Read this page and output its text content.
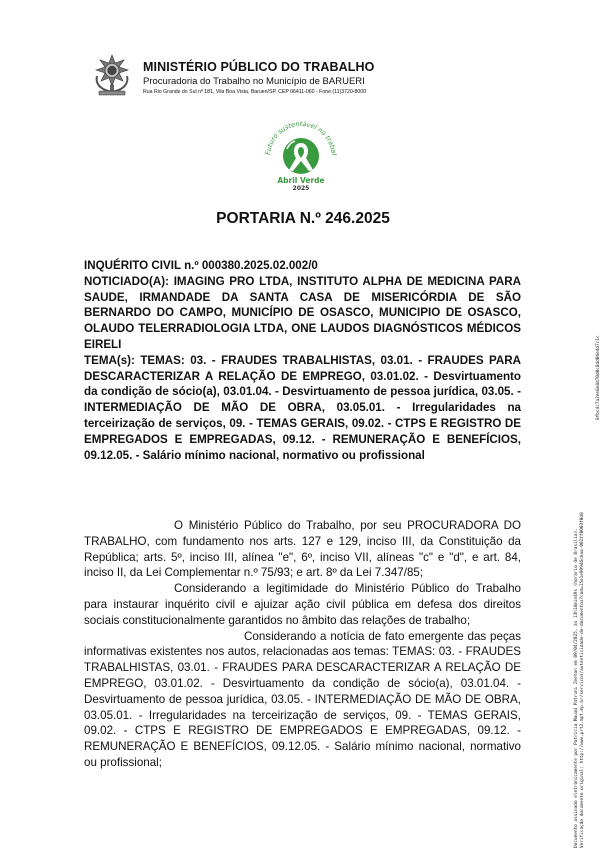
MINISTÉRIO PÚBLICO DO TRABALHO
Procuradoria do Trabalho no Município de BARUERI
Rua Rio Grande do Sul nº 181, Vila Boa Vista, Barueri/SP, CEP 06411-060 - Fone (11)3720-8000
Futuro sustentável no trabal
Abril Verde
2025
PORTARIA N.º 246.2025

INQUÉRITO CIVIL n.º 000380.2025.02.002/0

NOTICIADO(A): IMAGING PRO LTDA, INSTITUTO ALPHA DE MEDICINA PARA SAUDE, IRMANDADE DA SANTA CASA DE MISERICÓRDIA DE SÃO BERNARDO DO CAMPO, MUNICÍPIO DE OSASCO, MUNICIPIO DE OSASCO, OLAUDO TELERRADIOLOGIA LTDA, ONE LAUDOS DIAGNÓSTICOS MÉDICOS EIRELI

TEMA(s): TEMAS: 03. - FRAUDES TRABALHISTAS, 03.01. - FRAUDES PARA DESCARACTERIZAR A RELAÇÃO DE EMPREGO, 03.01.02. - Desvirtuamento da condição de sócio(a), 03.01.04. - Desvirtuamento de pessoa jurídica, 03.05. - INTERMEDIAÇÃO DE MÃO DE OBRA, 03.05.01. - Irregularidades na terceirização de serviços, 09. - TEMAS GERAIS, 09.02. - CTPS E REGISTRO DE EMPREGADOS E EMPREGADAS, 09.12. - REMUNERAÇÃO E BENEFÍCIOS, 09.12.05. - Salário mínimo nacional, normativo ou profissional

O Ministério Público do Trabalho, por seu PROCURADORA DO TRABALHO, com fundamento nos arts. 127 e 129, inciso III, da Constituição da República; arts. 5º, inciso III, alínea "e", 6º, inciso VII, alíneas "c" e "d", e art. 84, inciso II, da Lei Complementar n.º 75/93; e art. 8º da Lei 7.347/85;

Considerando a legitimidade do Ministério Público do Trabalho para instaurar inquérito civil e ajuizar ação civil pública em defesa dos direitos sociais constitucionalmente garantidos no âmbito das relações de trabalho;

Considerando a notícia de fato emergente das peças informativas existentes nos autos, relacionadas aos temas: TEMAS: 03. - FRAUDES TRABALHISTAS, 03.01. - FRAUDES PARA DESCARACTERIZAR A RELAÇÃO DE EMPREGO, 03.01.02. - Desvirtuamento da condição de sócio(a), 03.01.04. - Desvirtuamento de pessoa jurídica, 03.05. - INTERMEDIAÇÃO DE MÃO DE OBRA, 03.05.01. - Irregularidades na terceirização de serviços, 09. - TEMAS GERAIS, 09.02. - CTPS E REGISTRO DE EMPREGADOS E EMPREGADAS, 09.12. - REMUNERAÇÃO E BENEFÍCIOS, 09.12.05. - Salário mínimo nacional, normativo ou profissional;	Documento assinado eletronicamente por Patrícia Mauad Patruni Zeeton em 09/04/2025, às 13h18min49s (horário de Brasília). Verificação documento original: http://www.prt2.mpt.mp.br/servicos/autenticidade-de-documentos?cod=15e1e99946cbaa-002ff0003f0d8
8fbc4c7a2ee8e8d70d0c8dd06e4d7c1c
